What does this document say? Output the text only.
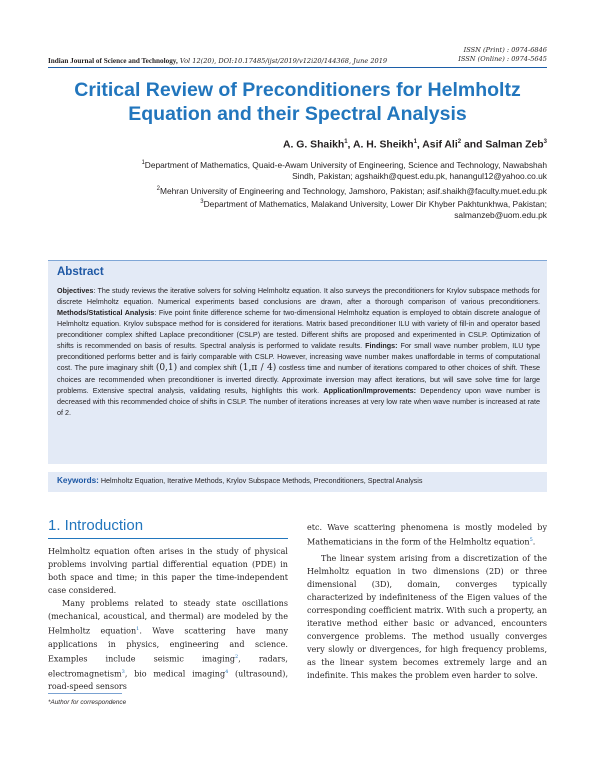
ISSN (Print) : 0974-6846
ISSN (Online) : 0974-5645
Indian Journal of Science and Technology, Vol 12(20), DOI:10.17485/ijst/2019/v12i20/144368, June 2019
Critical Review of Preconditioners for Helmholtz
Equation and their Spectral Analysis
A. G. Shaikh$^1$, A. H. Sheikh$^1$, Asif Ali$^2$ and Salman Zeb$^3$
$^1$Department of Mathematics, Quaid-e-Awam University of Engineering, Science and Technology, Nawabshah
Sindh, Pakistan; agshaikh@quest.edu.pk, hanangul12@yahoo.co.uk
$^2$Mehran University of Engineering and Technology, Jamshoro, Pakistan; asif.shaikh@faculty.muet.edu.pk
$^3$Department of Mathematics, Malakand University, Lower Dir Khyber Pakhtunkhwa, Pakistan;
salmanzeb@uom.edu.pk
Abstract
Objectives: The study reviews the iterative solvers for solving Helmholtz equation. It also surveys the preconditioners for Krylov subspace methods for discrete Helmholtz equation. Numerical experiments based conclusions are drawn, after a thorough comparison of various preconditioners. Methods/Statistical Analysis: Five point finite difference scheme for two-dimensional Helmholtz equation is employed to obtain discrete analogue of Helmholtz equation. Krylov subspace method for is considered for iterations. Matrix based preconditioner ILU with variety of fill-in and operator based preconditioner complex shifted Laplace preconditioner (CSLP) are tested. Different shifts are proposed and experimented in CSLP. Optimization of shifts is recommended on basis of results. Spectral analysis is performed to validate results. Findings: For small wave number problem, ILU type preconditioned performs better and is fairly comparable with CSLP. However, increasing wave number makes unaffordable in terms of computational cost. The pure imaginary shift (0,1) and complex shift (1,π / 4) costless time and number of iterations compared to other choices of shift. These choices are recommended when preconditioner is inverted directly. Approximate inversion may affect iterations, but will save solve time for large problems. Extensive spectral analysis, validating results, highlights this work. Application/Improvements: Dependency upon wave number is decreased with this recommended choice of shifts in CSLP. The number of iterations increases at very low rate when wave number is increased at rate of 2.
Keywords: Helmholtz Equation, Iterative Methods, Krylov Subspace Methods, Preconditioners, Spectral Analysis
1. Introduction

Helmholtz equation often arises in the study of physical problems involving partial differential equation (PDE) in both space and time; in this paper the time-independent case considered.

Many problems related to steady state oscillations (mechanical, acoustical, and thermal) are modeled by the Helmholtz equation$^1$. Wave scattering have many applications in physics, engineering and science. Examples include seismic imaging$^2$, radars, electromagnetism$^3$, bio medical imaging$^4$ (ultrasound), road-speed sensors

etc. Wave scattering phenomena is mostly modeled by Mathematicians in the form of the Helmholtz equation$^5$.

The linear system arising from a discretization of the Helmholtz equation in two dimensions (2D) or three dimensional (3D), domain, converges typically characterized by indefiniteness of the Eigen values of the corresponding coefficient matrix. With such a property, an iterative method either basic or advanced, encounters convergence problems. The method usually converges very slowly or divergences, for high frequency problems, as the linear system becomes extremely large and an indefinite. This makes the problem even harder to solve.

*Author for correspondence
